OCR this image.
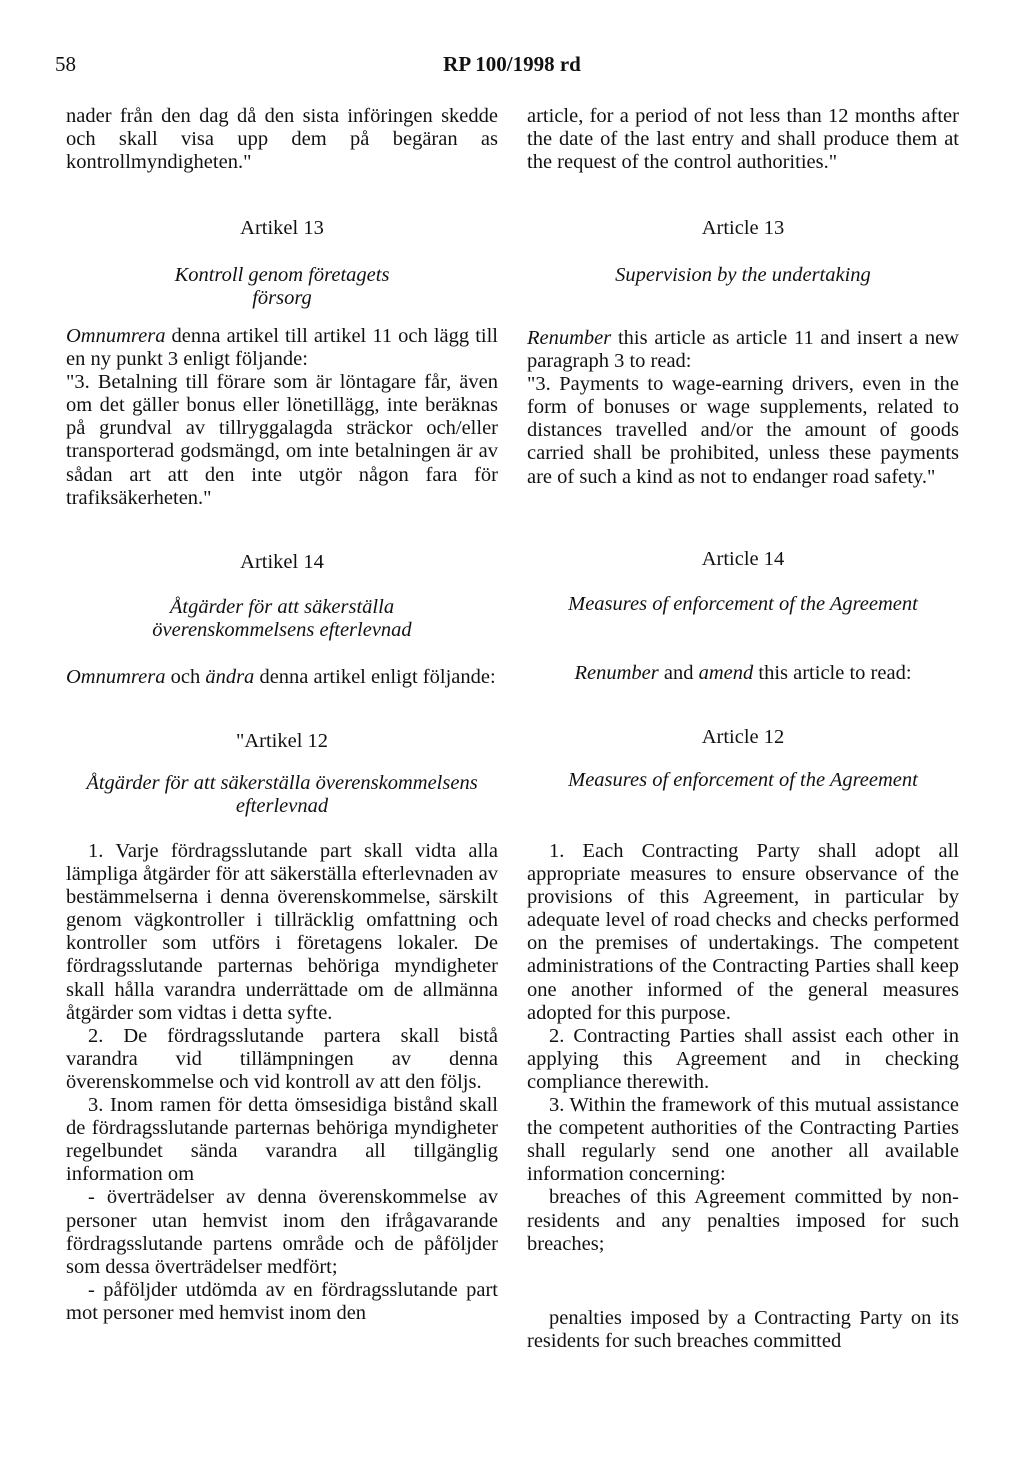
58	RP 100/1998 rd

nader från den dag då den sista införingen skedde och skall visa upp dem på begäran as kontrollmyndigheten."

Artikel 13

Kontroll genom företagets försorg

Omnumrera denna artikel till artikel 11 och lägg till en ny punkt 3 enligt följande:

"3. Betalning till förare som är löntagare får, även om det gäller bonus eller lönetillägg, inte beräknas på grundval av tillryggalagda sträckor och/eller transporterad godsmängd, om inte betalningen är av sådan art att den inte utgör någon fara för trafiksäkerheten."

Artikel 14

Åtgärder för att säkerställa överenskommelsens efterlevnad

Omnumrera och ändra denna artikel enligt följande:

"Artikel 12

Åtgärder för att säkerställa överenskommelsens efterlevnad

1. Varje fördragsslutande part skall vidta alla lämpliga åtgärder för att säkerställa efterlevnaden av bestämmelserna i denna överenskommelse, särskilt genom vägkontroller i tillräcklig omfattning och kontroller som utförs i företagens lokaler. De fördragsslutande parternas behöriga myndigheter skall hålla varandra underrättade om de allmänna åtgärder som vidtas i detta syfte.

2. De fördragsslutande partera skall bistå varandra vid tillämpningen av denna överenskommelse och vid kontroll av att den följs.

3. Inom ramen för detta ömsesidiga bistånd skall de fördragsslutande parternas behöriga myndigheter regelbundet sända varandra all tillgänglig information om

- överträdelser av denna överenskommelse av personer utan hemvist inom den ifrågavarande fördragsslutande partens område och de påföljder som dessa överträdelser medfört;

- påföljder utdömda av en fördragsslutande part mot personer med hemvist inom den

article, for a period of not less than 12 months after the date of the last entry and shall produce them at the request of the control authorities."

Article 13

Supervision by the undertaking

Renumber this article as article 11 and insert a new paragraph 3 to read:

"3. Payments to wage-earning drivers, even in the form of bonuses or wage supplements, related to distances travelled and/or the amount of goods carried shall be prohibited, unless these payments are of such a kind as not to endanger road safety."

Article 14

Measures of enforcement of the Agreement

Renumber and amend this article to read:

Article 12

Measures of enforcement of the Agreement

1. Each Contracting Party shall adopt all appropriate measures to ensure observance of the provisions of this Agreement, in particular by adequate level of road checks and checks performed on the premises of undertakings. The competent administrations of the Contracting Parties shall keep one another informed of the general measures adopted for this purpose.

2. Contracting Parties shall assist each other in applying this Agreement and in checking compliance therewith.

3. Within the framework of this mutual assistance the competent authorities of the Contracting Parties shall regularly send one another all available information concerning:

breaches of this Agreement committed by non-residents and any penalties imposed for such breaches;

penalties imposed by a Contracting Party on its residents for such breaches committed
